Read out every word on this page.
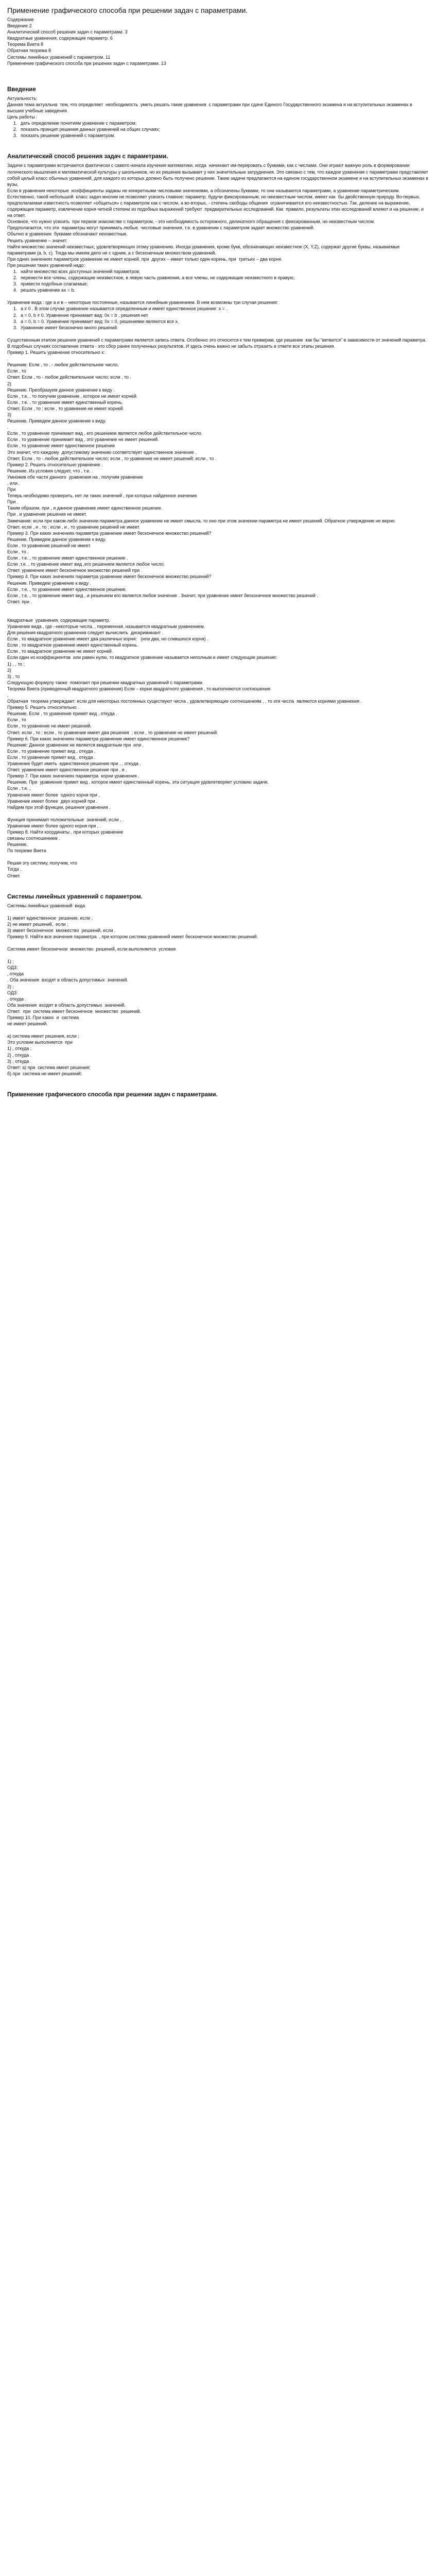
Применение графического способа при решении задач с параметрами.

Содержание

Введение 2

Аналитический способ решения задач с параметрами. 3

Квадратные уравнения, содержащие параметр. 6

Теорема Виета 8

Обратная теорема 8

Системы линейных уравнений с параметром. 11

Применение графического способа при решении задач с параметрами. 13

Введение

Актуальность:

Данная тема актуальна  тем, что определяет  необходимость  уметь решать такие уравнения  с параметрами при сдаче Единого Государственного экзамена и на вступительных экзаменах в высшие учебные заведения.

Цель работы :

1. дать определение понятиям уравнение с параметром;
2. показать принцип решения данных уравнений на общих случаях;
3. показать решение уравнений с параметром.
Аналитический способ решения задач с параметрами.

Задачи с параметрами встречаются фактически с самого начала изучения математики, когда  начинают им-перировать с буквами, как с числами. Они играют важную роль в формировании логического мышления и математической культуры у школьников, но их решение вызывает у них значительные затруднения. Это связано с тем, что каждое уравнение с параметрами представляет собой целый класс обычных уравнений, для каждого из которых должно быть получено решение. Такие задачи предлагаются на едином государственном экзамене и на вступительных экзаменах в вузы.

Если в уравнении некоторые  коэффициенты заданы не конкретными числовыми значениями, а обозначены буквами, то они называются параметрами, а уравнение параметрическим.

Естественно, такой небольшой  класс задач многим не позволяет усвоить главное: параметр, будучи фиксированным, но неизвестным числом, имеет как  бы двойственную природу. Во-первых, предполагаемая известность позволяет «общаться» с параметром как с числом, а во-вторых, - степень свободы общения  ограничивается его неизвестностью. Так, деление на выражение, содержащее параметр, извлечение корня четной степени из подобных выражений требуют  предварительных исследований. Как  правило, результаты этих исследований влияют и на решение, и на ответ.

Основное, что нужно усвоить  при первом знакомстве с параметром, - это необходимость осторожного, деликатного обращения с фиксированным, но неизвестным числом.

Предполагается, что эти  параметры могут принимать любые  числовые значения, т.е. в уравнении с параметром задает множество уравнений.

Обычно в уравнении  буквами обозначают неизвестные.

Решить уравнение – значит:

Найти множество значений неизвестных, удовлетворяющих этому уравнению. Иногда уравнения, кроме букв, обозначающих неизвестное (X, Y,Z), содержат другие буквы, называемые параметрами (a, b, c). Тогда мы имеем дело не с одним, а с бесконечным множеством уравнений.

При одних значениях параметров уравнение не имеет корней, при  других – имеет только один корень, при  третьих – два корня.

При решении таких уравнений надо:

1. найти множество всех доступных значений параметров;
2. перенести все члены, содержащие неизвестное, в левую часть уравнения, а все члены, не содержащие неизвестного в правую;
3. привести подобные слагаемые;
4. решать уравнение ах = b.

Уравнение вида : где a и в – некоторые постоянные, называется линейным уравнением. В нем возможны три случая решения:

1. а ≠ 0 . В этом случае уравнение называется определенным и имеет единственное решение: х = .
2. а = 0, b ≠ 0. Уравнение принимает вид: 0х = b , решения нет.
3. а = 0, b = 0. Уравнение принимает вид: 0х = 0, решениями являются все х.
3. Уравнение имеет бесконечно много решений.

Существенным этапом решения уравнений с параметрами является запись ответа. Особенно это относится к тем примерам, где решение  как бы "ветвится" в зависимости от значений параметра. В подобных случаях составление ответа - это сбор ранее полученных результатов. И здесь очень важно не забыть отразить в ответе все этапы решения.

Пример 1. Решить уравнение относительно х:

.

Решение. Если , то , - любое действительное число.

Если , то

Ответ. Если , то - любое действительное число; если , то .

2)

Решение. Преобразуем данное уравнение к виду .

Если , т.е. , то получим уравнение , которое не имеет корней.

Если , т.е. , то уравнение имеет единственный корень.

Ответ. Если , то ; если , то уравнение не имеет корней.

3)

Решение. Приведем данное уравнение к виду.

.

Если , то уравнение принимает вид , его решением является любое действительное число.

Если , то уравнение принимает вид , это уравнение не имеет решений.

Если , то уравнение имеет единственное решение

Это значит, что каждому  допустимому значению соответствует единственное значение .

Ответ. Если , то - любое действительное число; если , то уравнение не имеет решений; если , то .

Пример 2. Решить относительно уравнение .

Решение. Из условия следует, что , т.е. .

Умножив обе части данного  уравнения на , получим уравнение

, или .

При

Теперь необходимо проверить, нет ли таких значений , при которых найденное значение

При .

Таким образом, при , и данное уравнение имеет единственное решение.

При , и уравнение решения не имеет.

Замечание: если при каком-либо значении параметра данное уравнение не имеет смысла, то оно при этом значении параметра не имеет решений. Обратное утверждение не верно.

Ответ. если , и , то ; если , и , то уравнение решений не имеет.

Пример 3. При каких значениях параметра уравнение имеет бесконечное множество решений?

Решение. Приведем данное уравнение к виду.

Если , то уравнение решений не имеет.

Если , то .

Если , т.е. , то уравнение имеет единственное решение .

Если ,т.е. , то уравнение имеет вид ,его решением является любое число.

Ответ. уравнение имеет бесконечное множество решений при .

Пример 4. При каких значениях параметра уравнение имеет бесконечное множество решений?

Решение. Приведем уравнение к виду .

Если , т.е. , то уравнение имеет единственное решение.

Если , т.е. , то уравнение имеет вид , и решением его является любое значение . Значит, при уравнение имеет бесконечное множество решений .

Ответ. при .

Квадратные  уравнения, содержащие параметр.

Уравнение вида , где –некоторые числа, , переменная, называется квадратным уравнением.

Для решения квадратного уравнения следует вычислить  дискриминант .

Если , то квадратное уравнение имеет два различных корня:   (или два, но слившихся корня) .

Если , то квадратное уравнение имеет единственный корень.

Если , то квадратное уравнение не имеет корней.

Если один из коэффициентов  или равен нулю, то квадратное уравнение называется неполным и имеет следующие решения:

1) , , то ;

2)

3) , то

Следующую формулу также  помогают при решении квадратных уравнений с параметрами.

Теорема Виета (приведенный квадратного уравнения) Если – корни квадратного уравнения , то выполняются соотношения

,

Обратная  теорема утверждает: если для некоторых постоянных существуют числа , удовлетворяющие соотношениям , , то эти числа  являются корнями уравнения .

Пример 5. Решить относительно .

Решение. Если , то уравнение примет вид , откуда .

Если , то

Если , то уравнение не имеет решений.

Ответ. если , то ; если , то уравнение имеет два решения  ; если , то уравнение не имеет решений.

Пример 6. При каких значениях параметра уравнение имеет единственное решение?

Решение: Данное уравнение не является квадратным при  или .

Если , то уравнение примет вид , откуда .

Если , то уравнение примет вид , откуда .

Уравнение будет иметь  единственное решение при , , откуда .

Ответ. уравнение имеет единственное решение при , и .

Пример 7. При каких значениях параметра  корни уравнения .

Решение. При  уравнение примет вид , которое имеет единственный корень, эта ситуация удовлетворяет условию задачи.

Если , т.е. ,

Уравнение имеет более  одного корня при ,

Уравнение имеет более  двух корней при .

Найдем при этой функции, решения уравнения .

Функция принимает положительные  значений, если , .

Уравнение имеет более одного корня при , .

Пример 8. Найти координаты , при которых уравнение

связаны соотношением .

Решение.

По теореме Виета

Решая эту систему, получим, что

Тогда .

Ответ.

Системы линейных уравнений с параметром.

Системы линейных уравнений  вида

1) имеет единственное  решение, если ;

2) не имеет решений,  если ;

3) имеет бесконечное  множество  решений, если .

Пример 9. Найти все значения параметра  , при котором система уравнений имеет бесконечное множество решений.

Система имеет бесконечное  множество  решений, если выполняется  условие

1) ;

ОДЗ:

, откуда

. Оба значения  входят в область допустимых  значений.

2) ;

ОДЗ:

, откуда .

Оба значения  входят в область допустимых  значений.

Ответ.  при  система имеет бесконечное  множество  решений.

Пример 10. При каких  и  система

не имеет решений.

а) система имеет решения, если ;

Это условие выполняется  при

1) , откуда ;

2) , откуда .

3) , откуда .

Ответ: а) при  система имеет решения;

б) при  система не имеет решений;

Применение графического способа при решении задач с параметрами.
